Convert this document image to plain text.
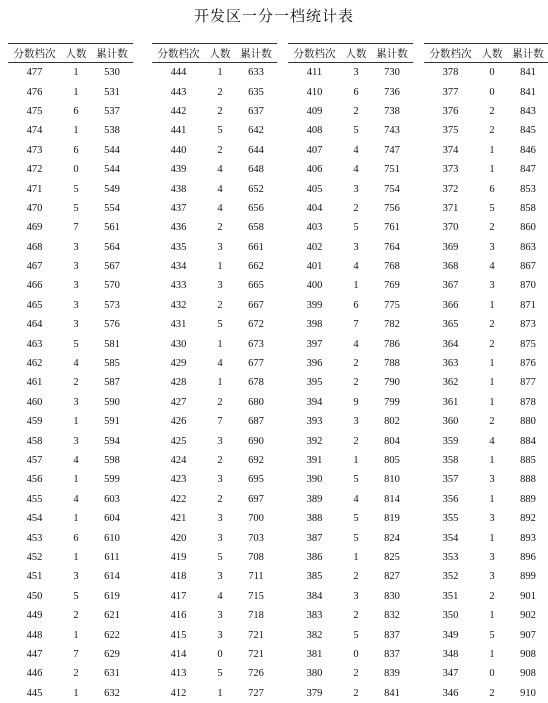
开发区一分一档统计表
分数档次	人数	累计数
477	1	530
476	1	531
475	6	537
474	1	538
473	6	544
472	0	544
471	5	549
470	5	554
469	7	561
468	3	564
467	3	567
466	3	570
465	3	573
464	3	576
463	5	581
462	4	585
461	2	587
460	3	590
459	1	591
458	3	594
457	4	598
456	1	599
455	4	603
454	1	604
453	6	610
452	1	611
451	3	614
450	5	619
449	2	621
448	1	622
447	7	629
446	2	631
445	1	632
分数档次	人数	累计数
444	1	633
443	2	635
442	2	637
441	5	642
440	2	644
439	4	648
438	4	652
437	4	656
436	2	658
435	3	661
434	1	662
433	3	665
432	2	667
431	5	672
430	1	673
429	4	677
428	1	678
427	2	680
426	7	687
425	3	690
424	2	692
423	3	695
422	2	697
421	3	700
420	3	703
419	5	708
418	3	711
417	4	715
416	3	718
415	3	721
414	0	721
413	5	726
412	1	727
分数档次	人数	累计数
411	3	730
410	6	736
409	2	738
408	5	743
407	4	747
406	4	751
405	3	754
404	2	756
403	5	761
402	3	764
401	4	768
400	1	769
399	6	775
398	7	782
397	4	786
396	2	788
395	2	790
394	9	799
393	3	802
392	2	804
391	1	805
390	5	810
389	4	814
388	5	819
387	5	824
386	1	825
385	2	827
384	3	830
383	2	832
382	5	837
381	0	837
380	2	839
379	2	841
分数档次	人数	累计数
378	0	841
377	0	841
376	2	843
375	2	845
374	1	846
373	1	847
372	6	853
371	5	858
370	2	860
369	3	863
368	4	867
367	3	870
366	1	871
365	2	873
364	2	875
363	1	876
362	1	877
361	1	878
360	2	880
359	4	884
358	1	885
357	3	888
356	1	889
355	3	892
354	1	893
353	3	896
352	3	899
351	2	901
350	1	902
349	5	907
348	1	908
347	0	908
346	2	910
